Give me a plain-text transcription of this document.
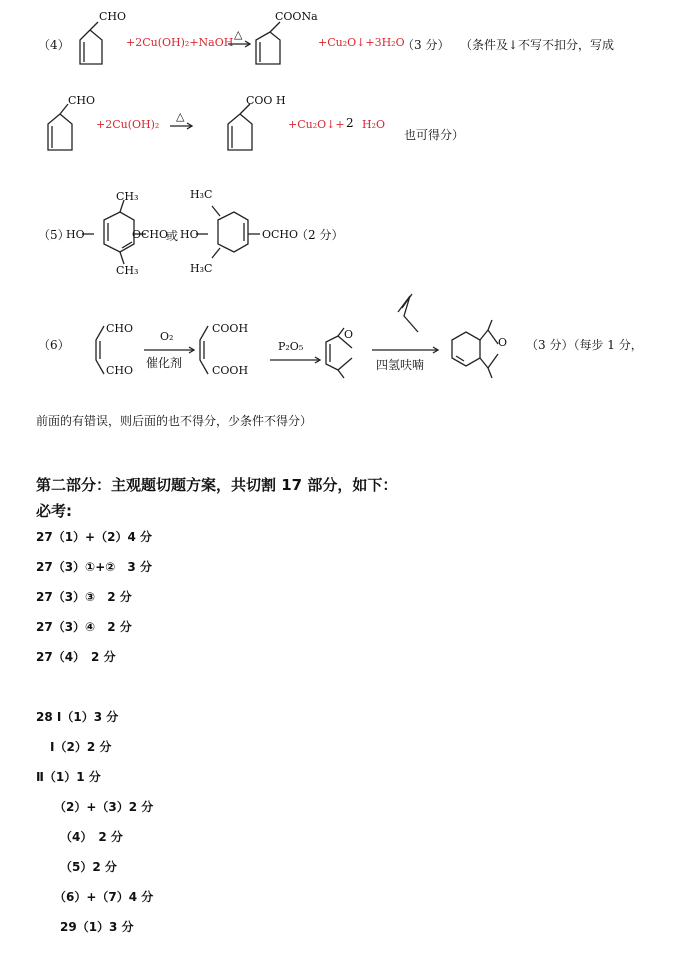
（4）
CHO
+2Cu(OH)₂+NaOH
△
COONa
+Cu₂O↓+3H₂O
（3 分） （条件及↓不写不扣分，写成
CHO
+2Cu(OH)₂
△
COO H
+Cu₂O↓+ 2 H₂O
也可得分）
（5）
HO
CH₃
CH₃
OCHO
或 HO
H₃C
H₃C
OCHO
（2 分）
（6）
CHO
CHO
O₂
催化剂
COOH
COOH
P₂O₅
O
四氢呋喃
O （3 分）（每步 1 分，
前面的有错误，则后面的也不得分，少条件不得分）
第二部分：主观题切题方案，共切割 17 部分，如下：
必考:
27（1）+（2）4 分
27（3）①+②　3 分
27（3）③　2 分
27（3）④　2 分
27（4）　2 分
28 Ⅰ（1）3 分
Ⅰ（2）2 分
Ⅱ（1）1 分
（2）+（3）2 分
（4）　2 分
（5）2 分
（6）+（7）4 分
29（1）3 分
